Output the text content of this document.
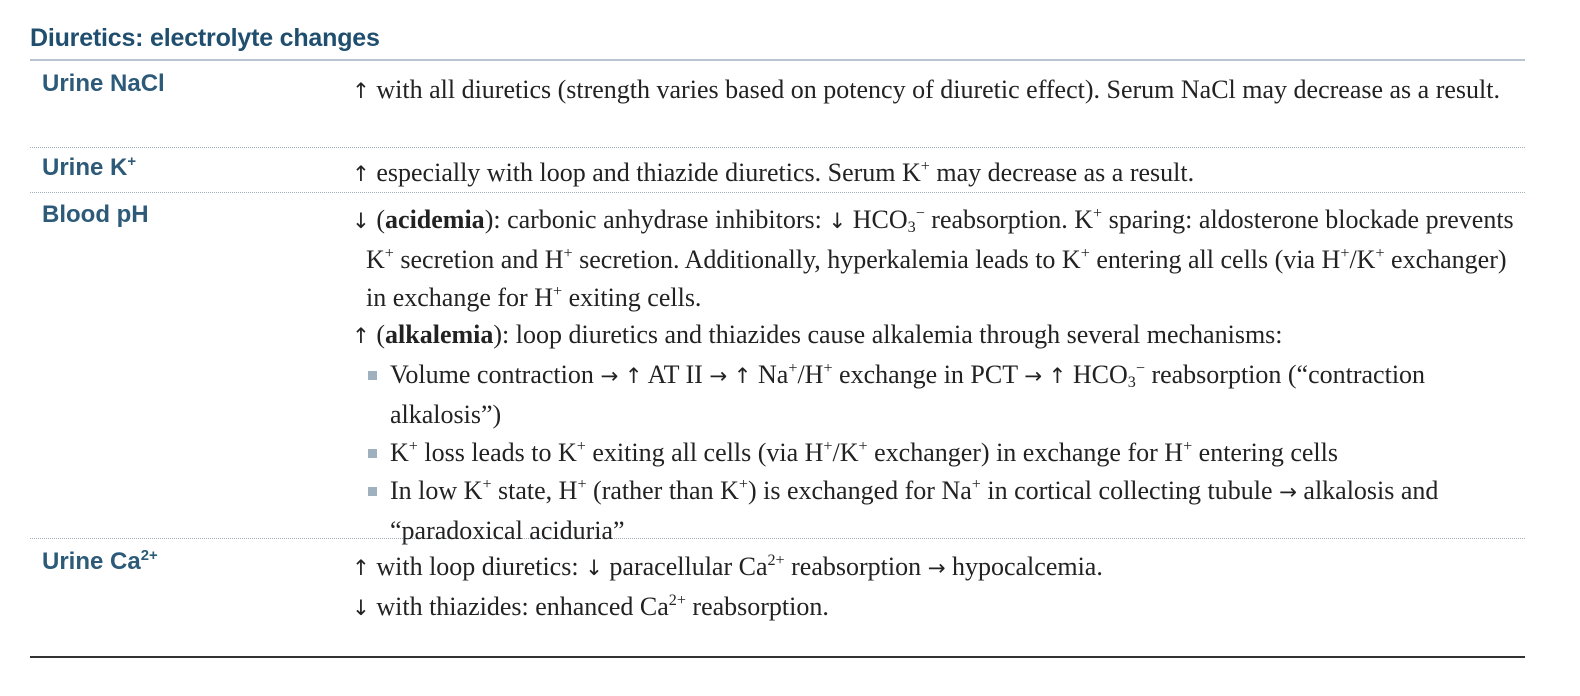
Diuretics: electrolyte changes
Urine NaCl	↑ with all diuretics (strength varies based on potency of diuretic effect). Serum NaCl may decrease as a result.

Urine K+

↑ especially with loop and thiazide diuretics. Serum K+ may decrease as a result.

Blood pH	↓ (acidemia): carbonic anhydrase inhibitors: ↓ $HCO_3^-$ reabsorption. K+ sparing: aldosterone blockade prevents K+ secretion and H+ secretion. Additionally, hyperkalemia leads to K+ entering all cells (via H+/K+ exchanger) in exchange for H+ exiting cells.

↑ (alkalemia): loop diuretics and thiazides cause alkalemia through several mechanisms:

Volume contraction → ↑ AT II → ↑ Na+/H+ exchange in PCT → ↑ $HCO_3^-$ reabsorption (“contraction alkalosis”)
K+ loss leads to K+ exiting all cells (via H+/K+ exchanger) in exchange for H+ entering cells
In low K+ state, H+ (rather than K+) is exchanged for Na+ in cortical collecting tubule → alkalosis and “paradoxical aciduria”
Urine $Ca^{2+}$

↑ with loop diuretics: ↓ paracellular $Ca^{2+}$ reabsorption → hypocalcemia.

↓ with thiazides: enhanced $Ca^{2+}$ reabsorption.
